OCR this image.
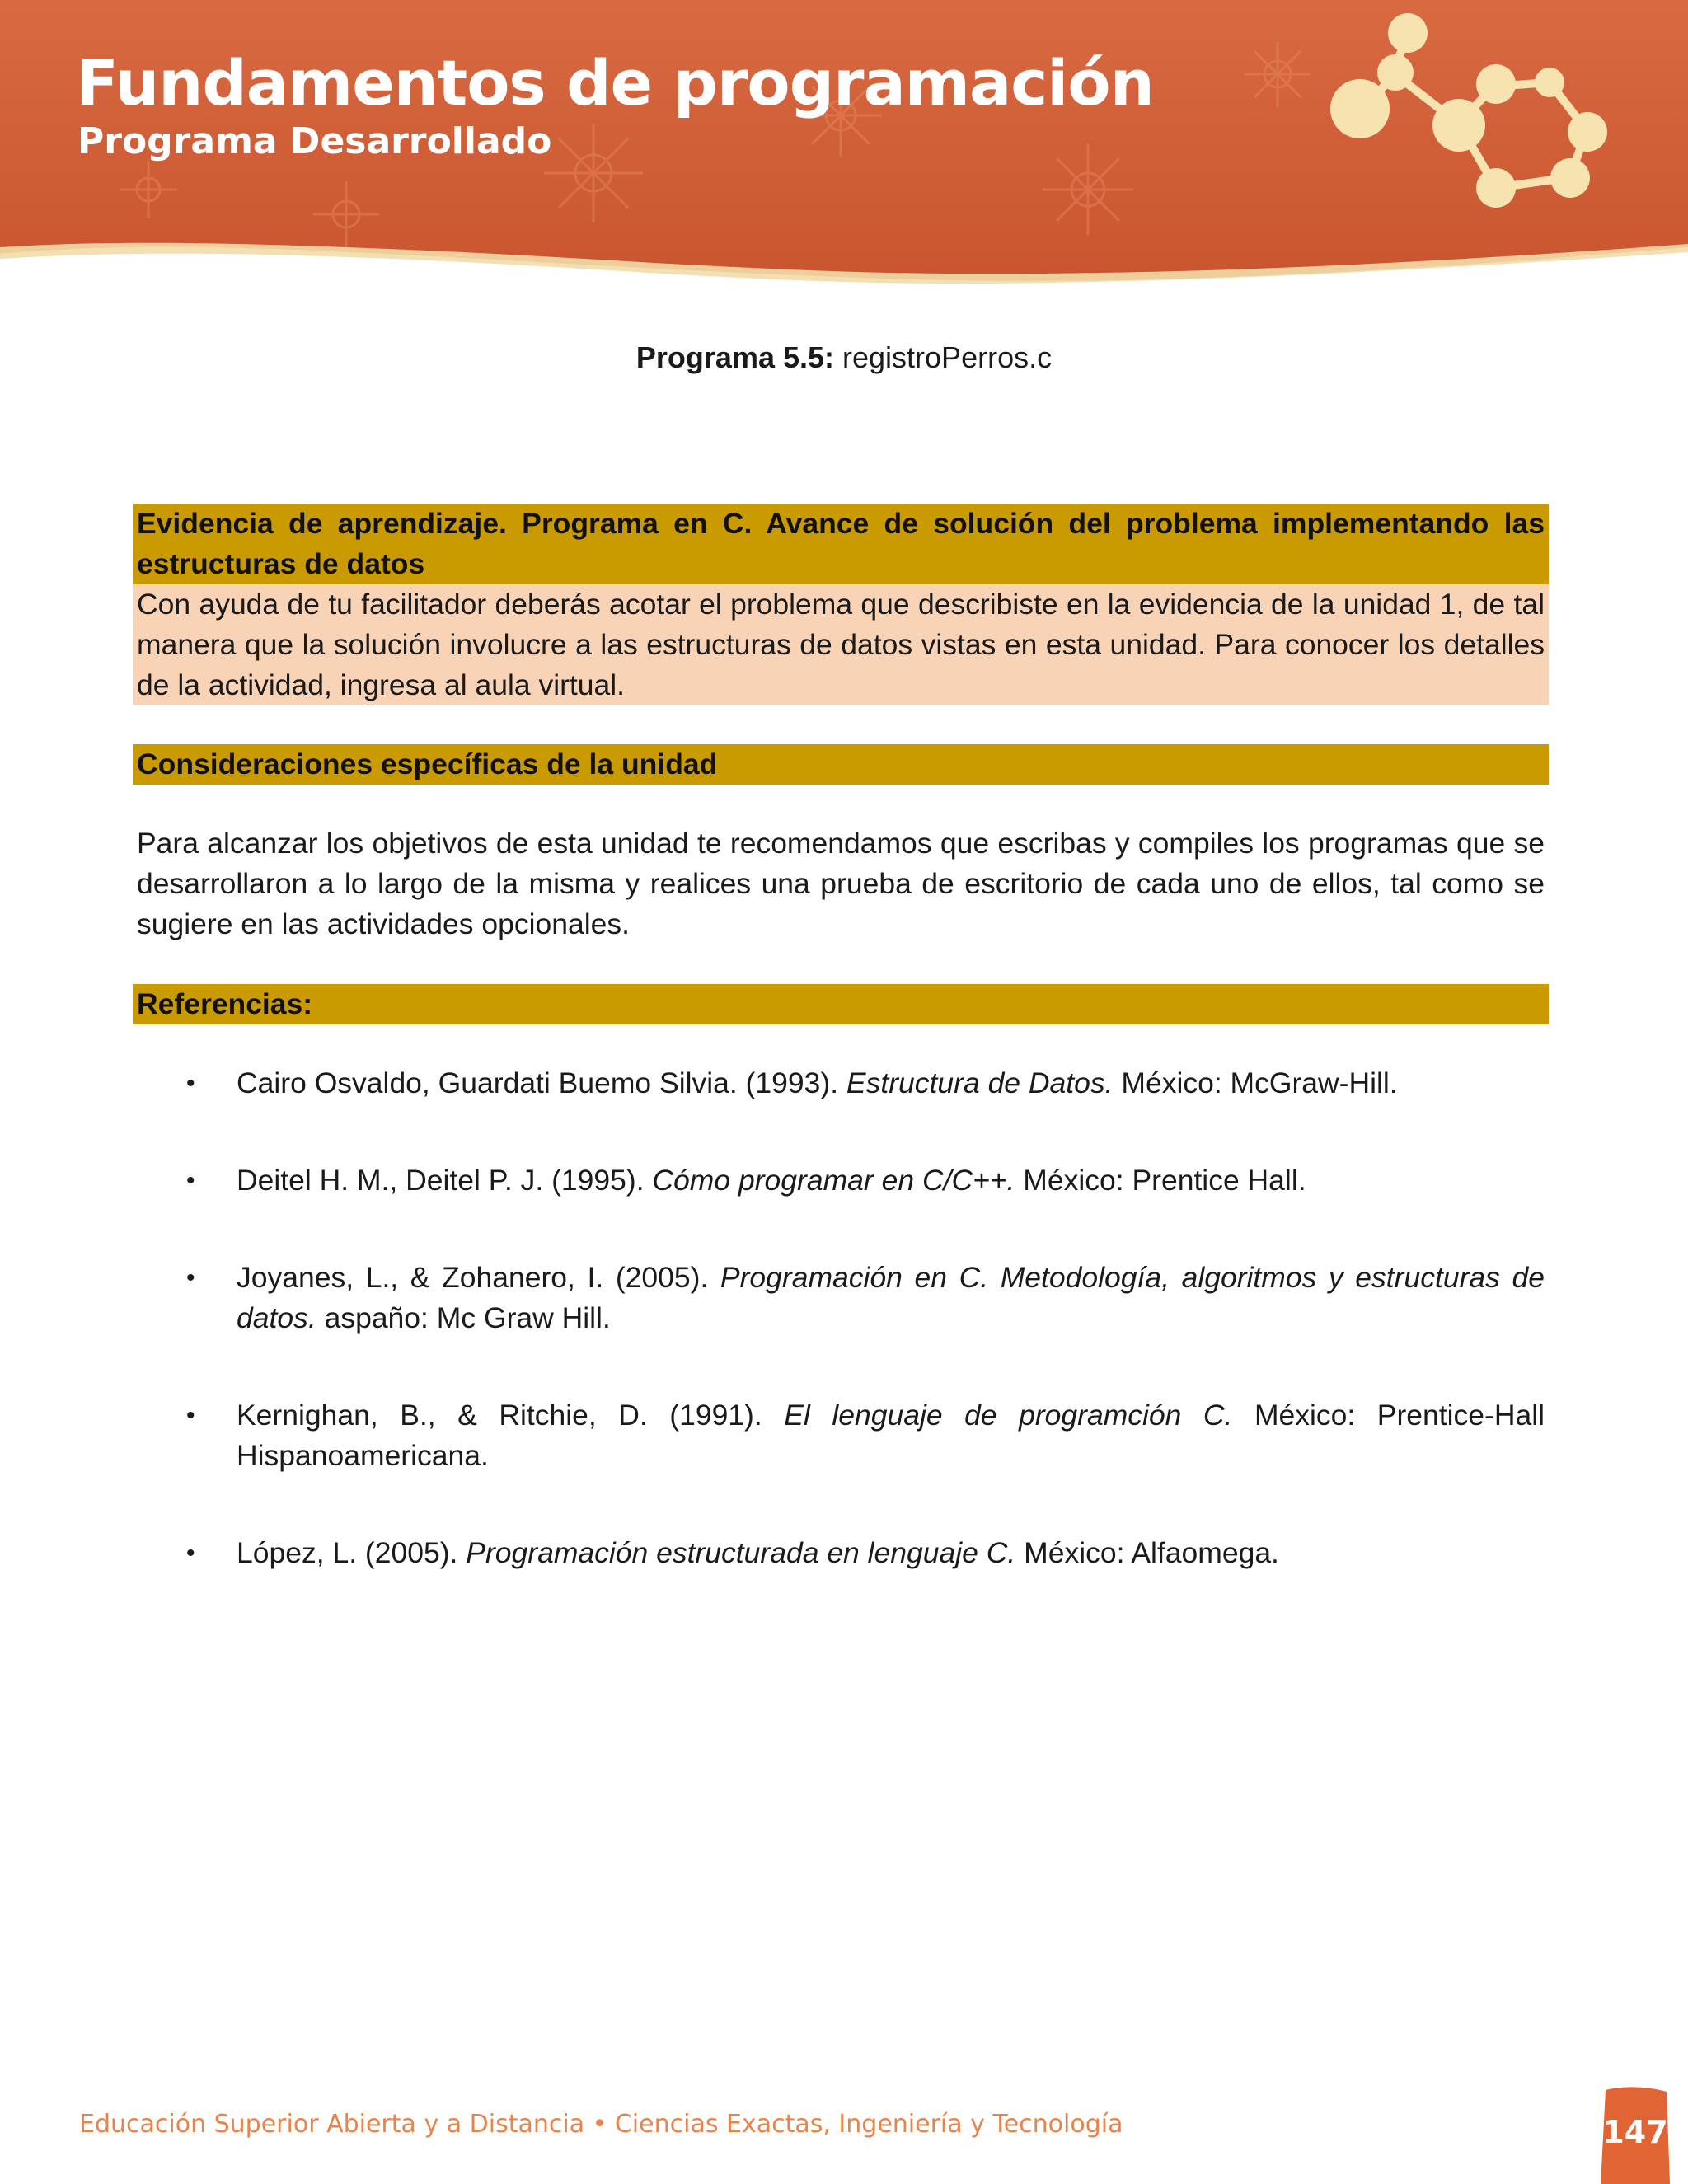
Fundamentos de programación
Programa Desarrollado
Programa 5.5: registroPerros.c
Evidencia de aprendizaje. Programa en C. Avance de solución del problema implementando las estructuras de datos
Con ayuda de tu facilitador deberás acotar el problema que describiste en la evidencia de la unidad 1, de tal manera que la solución involucre a las estructuras de datos vistas en esta unidad. Para conocer los detalles de la actividad, ingresa al aula virtual.
Consideraciones específicas de la unidad
Para alcanzar los objetivos de esta unidad te recomendamos que escribas y compiles los programas que se desarrollaron a lo largo de la misma y realices una prueba de escritorio de cada uno de ellos, tal como se sugiere en las actividades opcionales.
Referencias:
• Cairo Osvaldo, Guardati Buemo Silvia. (1993). Estructura de Datos. México: McGraw-Hill.
• Deitel H. M., Deitel P. J. (1995). Cómo programar en C/C++. México: Prentice Hall.
• Joyanes, L., & Zohanero, I. (2005). Programación en C. Metodología, algoritmos y estructuras de datos. aspaño: Mc Graw Hill.
• Kernighan, B., & Ritchie, D. (1991). El lenguaje de programción C. México: Prentice-Hall Hispanoamericana.
• López, L. (2005). Programación estructurada en lenguaje C. México: Alfaomega.
Educación Superior Abierta y a Distancia • Ciencias Exactas, Ingeniería y Tecnología	147
